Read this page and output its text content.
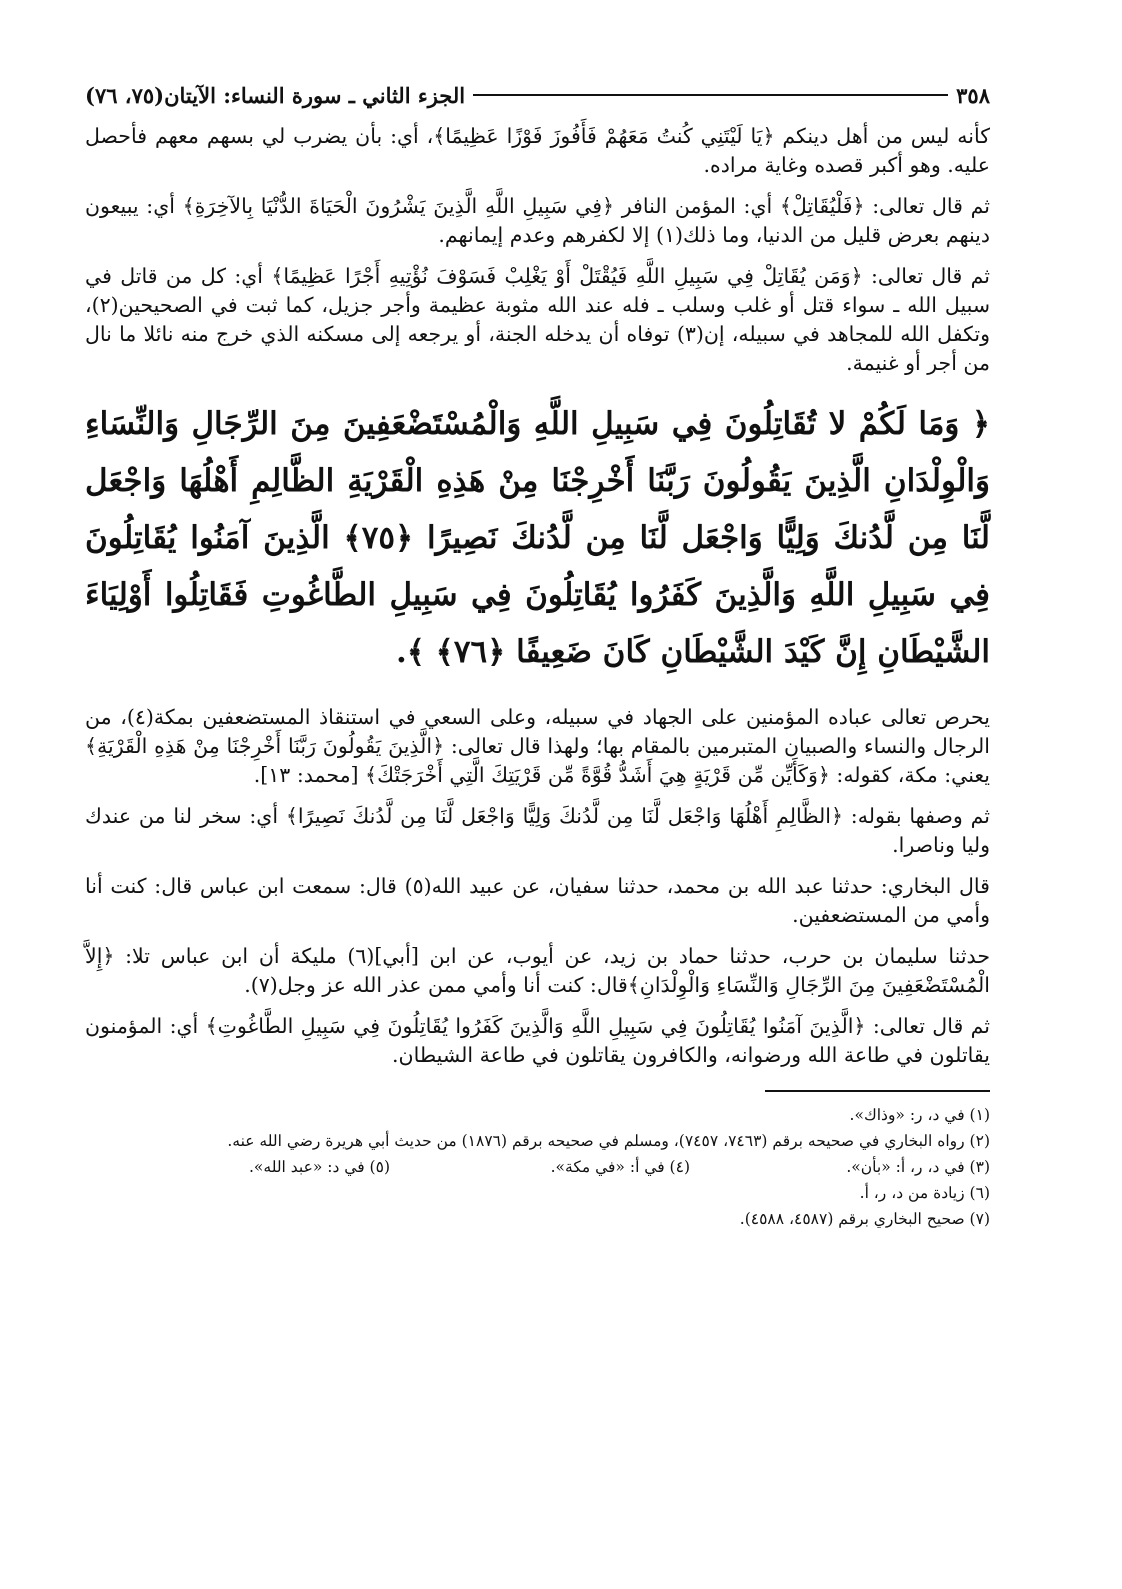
٣٥٨
الجزء الثاني ـ سورة النساء: الآيتان(٧٥، ٧٦)

كأنه ليس من أهل دينكم ﴿يَا لَيْتَنِي كُنتُ مَعَهُمْ فَأَفُوزَ فَوْزًا عَظِيمًا﴾، أي: بأن يضرب لي بسهم معهم فأحصل عليه. وهو أكبر قصده وغاية مراده.

ثم قال تعالى: ﴿فَلْيُقَاتِلْ﴾ أي: المؤمن النافر ﴿فِي سَبِيلِ اللَّهِ الَّذِينَ يَشْرُونَ الْحَيَاةَ الدُّنْيَا بِالآخِرَةِ﴾ أي: يبيعون دينهم بعرض قليل من الدنيا، وما ذلك(١) إلا لكفرهم وعدم إيمانهم.

ثم قال تعالى: ﴿وَمَن يُقَاتِلْ فِي سَبِيلِ اللَّهِ فَيُقْتَلْ أَوْ يَغْلِبْ فَسَوْفَ نُؤْتِيهِ أَجْرًا عَظِيمًا﴾ أي: كل من قاتل في سبيل الله ـ سواء قتل أو غلب وسلب ـ فله عند الله مثوبة عظيمة وأجر جزيل، كما ثبت في الصحيحين(٢)، وتكفل الله للمجاهد في سبيله، إن(٣) توفاه أن يدخله الجنة، أو يرجعه إلى مسكنه الذي خرج منه نائلا ما نال من أجر أو غنيمة.

﴿ وَمَا لَكُمْ لا تُقَاتِلُونَ فِي سَبِيلِ اللَّهِ وَالْمُسْتَضْعَفِينَ مِنَ الرِّجَالِ وَالنِّسَاءِ وَالْوِلْدَانِ الَّذِينَ يَقُولُونَ رَبَّنَا أَخْرِجْنَا مِنْ هَذِهِ الْقَرْيَةِ الظَّالِمِ أَهْلُهَا وَاجْعَل لَّنَا مِن لَّدُنكَ وَلِيًّا وَاجْعَل لَّنَا مِن لَّدُنكَ نَصِيرًا ﴿٧٥﴾ الَّذِينَ آمَنُوا يُقَاتِلُونَ فِي سَبِيلِ اللَّهِ وَالَّذِينَ كَفَرُوا يُقَاتِلُونَ فِي سَبِيلِ الطَّاغُوتِ فَقَاتِلُوا أَوْلِيَاءَ الشَّيْطَانِ إِنَّ كَيْدَ الشَّيْطَانِ كَانَ ضَعِيفًا ﴿٧٦﴾ ﴾.

يحرص تعالى عباده المؤمنين على الجهاد في سبيله، وعلى السعي في استنقاذ المستضعفين بمكة(٤)، من الرجال والنساء والصبيان المتبرمين بالمقام بها؛ ولهذا قال تعالى: ﴿الَّذِينَ يَقُولُونَ رَبَّنَا أَخْرِجْنَا مِنْ هَذِهِ الْقَرْيَةِ﴾ يعني: مكة، كقوله: ﴿وَكَأَيِّن مِّن قَرْيَةٍ هِيَ أَشَدُّ قُوَّةً مِّن قَرْيَتِكَ الَّتِي أَخْرَجَتْكَ﴾ [محمد: ١٣].

ثم وصفها بقوله: ﴿الظَّالِمِ أَهْلُهَا وَاجْعَل لَّنَا مِن لَّدُنكَ وَلِيًّا وَاجْعَل لَّنَا مِن لَّدُنكَ نَصِيرًا﴾ أي: سخر لنا من عندك وليا وناصرا.

قال البخاري: حدثنا عبد الله بن محمد، حدثنا سفيان، عن عبيد الله(٥) قال: سمعت ابن عباس قال: كنت أنا وأمي من المستضعفين.

حدثنا سليمان بن حرب، حدثنا حماد بن زيد، عن أيوب، عن ابن [أبي](٦) مليكة أن ابن عباس تلا: ﴿إِلاَّ الْمُسْتَضْعَفِينَ مِنَ الرِّجَالِ وَالنِّسَاءِ وَالْوِلْدَانِ﴾قال: كنت أنا وأمي ممن عذر الله عز وجل(٧).

ثم قال تعالى: ﴿الَّذِينَ آمَنُوا يُقَاتِلُونَ فِي سَبِيلِ اللَّهِ وَالَّذِينَ كَفَرُوا يُقَاتِلُونَ فِي سَبِيلِ الطَّاغُوتِ﴾ أي: المؤمنون يقاتلون في طاعة الله ورضوانه، والكافرون يقاتلون في طاعة الشيطان.

(١) في د، ر: «وذاك».
(٢) رواه البخاري في صحيحه برقم (٧٤٦٣، ٧٤٥٧)، ومسلم في صحيحه برقم (١٨٧٦) من حديث أبي هريرة رضي الله عنه.
(٣) في د، ر، أ: «بأن».
(٤) في أ: «في مكة».
(٥) في د: «عبد الله».
(٦) زيادة من د، ر، أ.
(٧) صحيح البخاري برقم (٤٥٨٧، ٤٥٨٨).
